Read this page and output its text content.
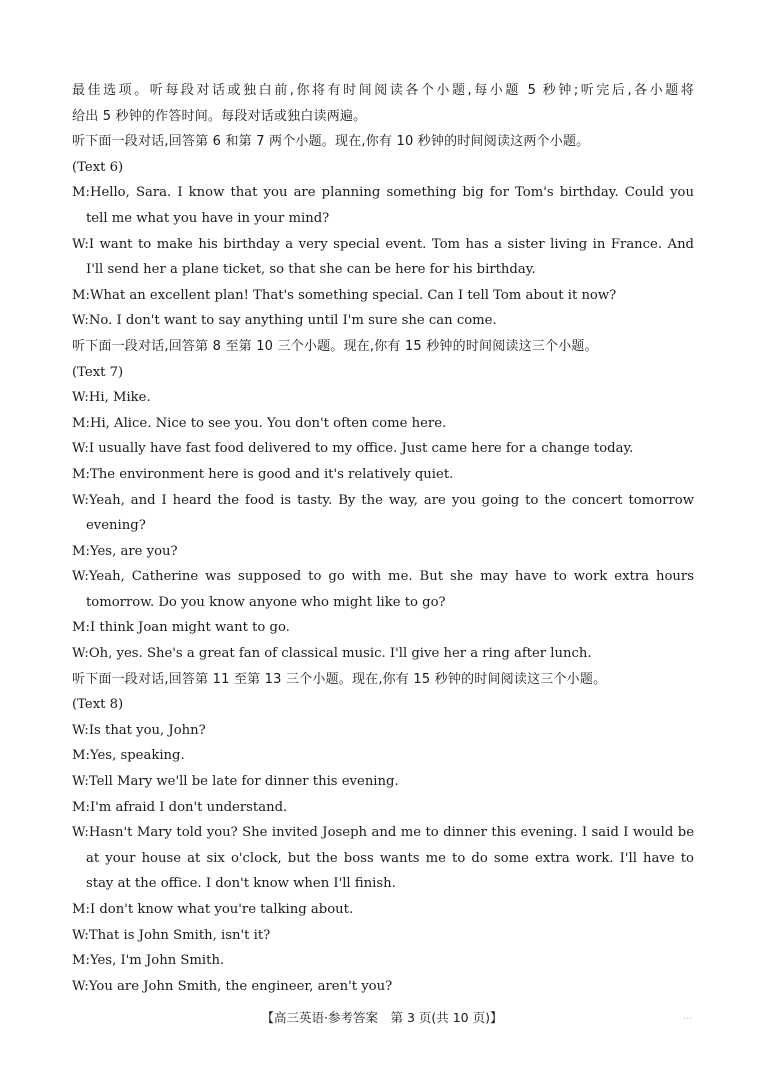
最佳选项。听每段对话或独白前,你将有时间阅读各个小题,每小题 5 秒钟;听完后,各小题将
给出 5 秒钟的作答时间。每段对话或独白读两遍。
听下面一段对话,回答第 6 和第 7 两个小题。现在,你有 10 秒钟的时间阅读这两个小题。
(Text 6)
M:Hello, Sara. I know that you are planning something big for Tom's birthday. Could you
tell me what you have in your mind?
W:I want to make his birthday a very special event. Tom has a sister living in France. And
I'll send her a plane ticket, so that she can be here for his birthday.
M:What an excellent plan! That's something special. Can I tell Tom about it now?
W:No. I don't want to say anything until I'm sure she can come.
听下面一段对话,回答第 8 至第 10 三个小题。现在,你有 15 秒钟的时间阅读这三个小题。
(Text 7)
W:Hi, Mike.
M:Hi, Alice. Nice to see you. You don't often come here.
W:I usually have fast food delivered to my office. Just came here for a change today.
M:The environment here is good and it's relatively quiet.
W:Yeah, and I heard the food is tasty. By the way, are you going to the concert tomorrow
evening?
M:Yes, are you?
W:Yeah, Catherine was supposed to go with me. But she may have to work extra hours
tomorrow. Do you know anyone who might like to go?
M:I think Joan might want to go.
W:Oh, yes. She's a great fan of classical music. I'll give her a ring after lunch.
听下面一段对话,回答第 11 至第 13 三个小题。现在,你有 15 秒钟的时间阅读这三个小题。
(Text 8)
W:Is that you, John?
M:Yes, speaking.
W:Tell Mary we'll be late for dinner this evening.
M:I'm afraid I don't understand.
W:Hasn't Mary told you? She invited Joseph and me to dinner this evening. I said I would be
at your house at six o'clock, but the boss wants me to do some extra work. I'll have to
stay at the office. I don't know when I'll finish.
M:I don't know what you're talking about.
W:That is John Smith, isn't it?
M:Yes, I'm John Smith.
W:You are John Smith, the engineer, aren't you?
【高三英语·参考答案　第 3 页(共 10 页)】	...
